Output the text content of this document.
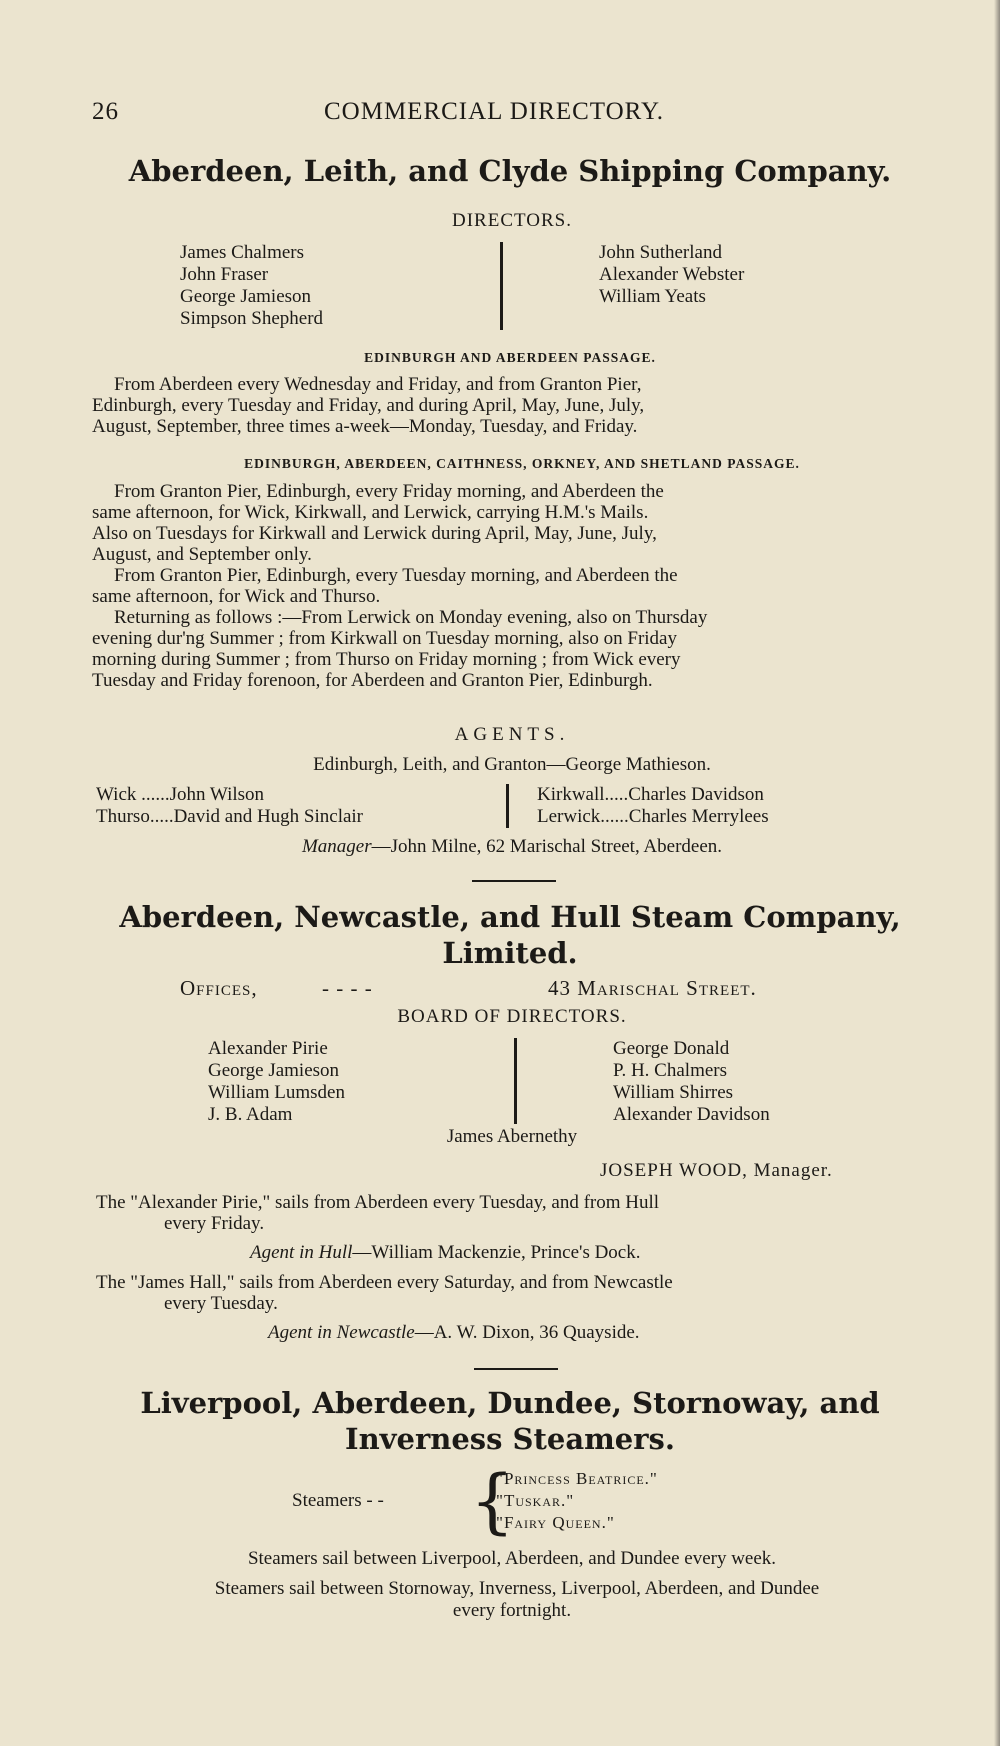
26	COMMERCIAL DIRECTORY.
Aberdeen, Leith, and Clyde Shipping Company.
DIRECTORS.
James Chalmers
John Fraser
George Jamieson
Simpson Shepherd
John Sutherland
Alexander Webster
William Yeats
EDINBURGH AND ABERDEEN PASSAGE.
From Aberdeen every Wednesday and Friday, and from Granton Pier,
Edinburgh, every Tuesday and Friday, and during April, May, June, July,
August, September, three times a-week—Monday, Tuesday, and Friday.
EDINBURGH, ABERDEEN, CAITHNESS, ORKNEY, AND SHETLAND PASSAGE.
From Granton Pier, Edinburgh, every Friday morning, and Aberdeen the
same afternoon, for Wick, Kirkwall, and Lerwick, carrying H.M.'s Mails.
Also on Tuesdays for Kirkwall and Lerwick during April, May, June, July,
August, and September only.
From Granton Pier, Edinburgh, every Tuesday morning, and Aberdeen the
same afternoon, for Wick and Thurso.
Returning as follows :—From Lerwick on Monday evening, also on Thursday
evening dur'ng Summer ; from Kirkwall on Tuesday morning, also on Friday
morning during Summer ; from Thurso on Friday morning ; from Wick every
Tuesday and Friday forenoon, for Aberdeen and Granton Pier, Edinburgh.
AGENTS.
Edinburgh, Leith, and Granton—George Mathieson.
Wick ......John Wilson
Thurso.....David and Hugh Sinclair
Kirkwall.....Charles Davidson
Lerwick......Charles Merrylees
Manager—John Milne, 62 Marischal Street, Aberdeen.
Aberdeen, Newcastle, and Hull Steam Company,
Limited.
Offices,	- - - -	43 Marischal Street.
BOARD OF DIRECTORS.
Alexander Pirie
George Jamieson
William Lumsden
J. B. Adam
George Donald
P. H. Chalmers
William Shirres
Alexander Davidson
James Abernethy
JOSEPH WOOD, Manager.
The "Alexander Pirie," sails from Aberdeen every Tuesday, and from Hull
every Friday.
Agent in Hull—William Mackenzie, Prince's Dock.
The "James Hall," sails from Aberdeen every Saturday, and from Newcastle
every Tuesday.
Agent in Newcastle—A. W. Dixon, 36 Quayside.
Liverpool, Aberdeen, Dundee, Stornoway, and
Inverness Steamers.
Steamers - -	{
"Princess Beatrice."
"Tuskar."
"Fairy Queen."
Steamers sail between Liverpool, Aberdeen, and Dundee every week.
Steamers sail between Stornoway, Inverness, Liverpool, Aberdeen, and Dundee
every fortnight.
